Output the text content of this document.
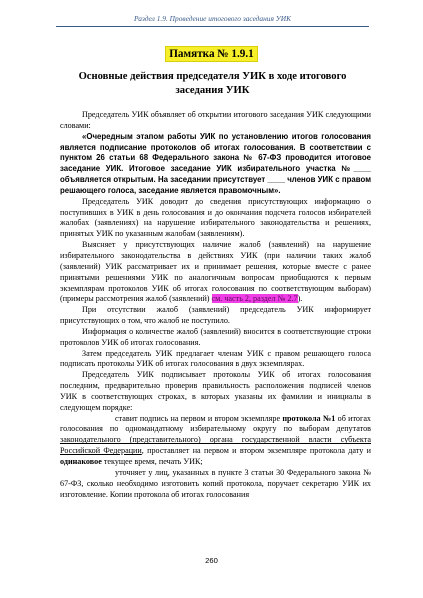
Раздел 1.9. Проведение итогового заседания УИК
Памятка № 1.9.1
Основные действия председателя УИК в ходе итогового заседания УИК

Председатель УИК объявляет об открытии итогового заседания УИК следующими словами:

«Очередным этапом работы УИК по установлению итогов голосования является подписание протоколов об итогах голосования. В соответствии с пунктом 26 статьи 68 Федерального закона № 67-ФЗ проводится итоговое заседание УИК. Итоговое заседание УИК избирательного участка №____ объявляется открытым. На заседании присутствует ____ членов УИК с правом решающего голоса, заседание является правомочным».

Председатель УИК доводит до сведения присутствующих информацию о поступивших в УИК в день голосования и до окончания подсчета голосов избирателей жалобах (заявлениях) на нарушение избирательного законодательства и решениях, принятых УИК по указанным жалобам (заявлениям).

Выясняет у присутствующих наличие жалоб (заявлений) на нарушение избирательного законодательства в действиях УИК (при наличии таких жалоб (заявлений) УИК рассматривает их и принимает решения, которые вместе с ранее принятыми решениями УИК по аналогичным вопросам приобщаются к первым экземплярам протоколов УИК об итогах голосования по соответствующим выборам) (примеры рассмотрения жалоб (заявлений) см. часть 2, раздел № 2.7).

При отсутствии жалоб (заявлений) председатель УИК информирует присутствующих о том, что жалоб не поступило.

Информация о количестве жалоб (заявлений) вносится в соответствующие строки протоколов УИК об итогах голосования.

Затем председатель УИК предлагает членам УИК с правом решающего голоса подписать протоколы УИК об итогах голосования в двух экземплярах.

Председатель УИК подписывает протоколы УИК об итогах голосования последним, предварительно проверив правильность расположения подписей членов УИК в соответствующих строках, в которых указаны их фамилии и инициалы в следующем порядке:

ставит подпись на первом и втором экземпляре протокола №1 об итогах голосования по одномандатному избирательному округу по выборам депутатов законодательного (представительного) органа государственной власти субъекта Российской Федерации, проставляет на первом и втором экземпляре протокола дату и одинаковое текущее время, печать УИК;

уточняет у лиц, указанных в пункте 3 статьи 30 Федерального закона № 67-ФЗ, сколько необходимо изготовить копий протокола, поручает секретарю УИК их изготовление. Копии протокола об итогах голосования

260
